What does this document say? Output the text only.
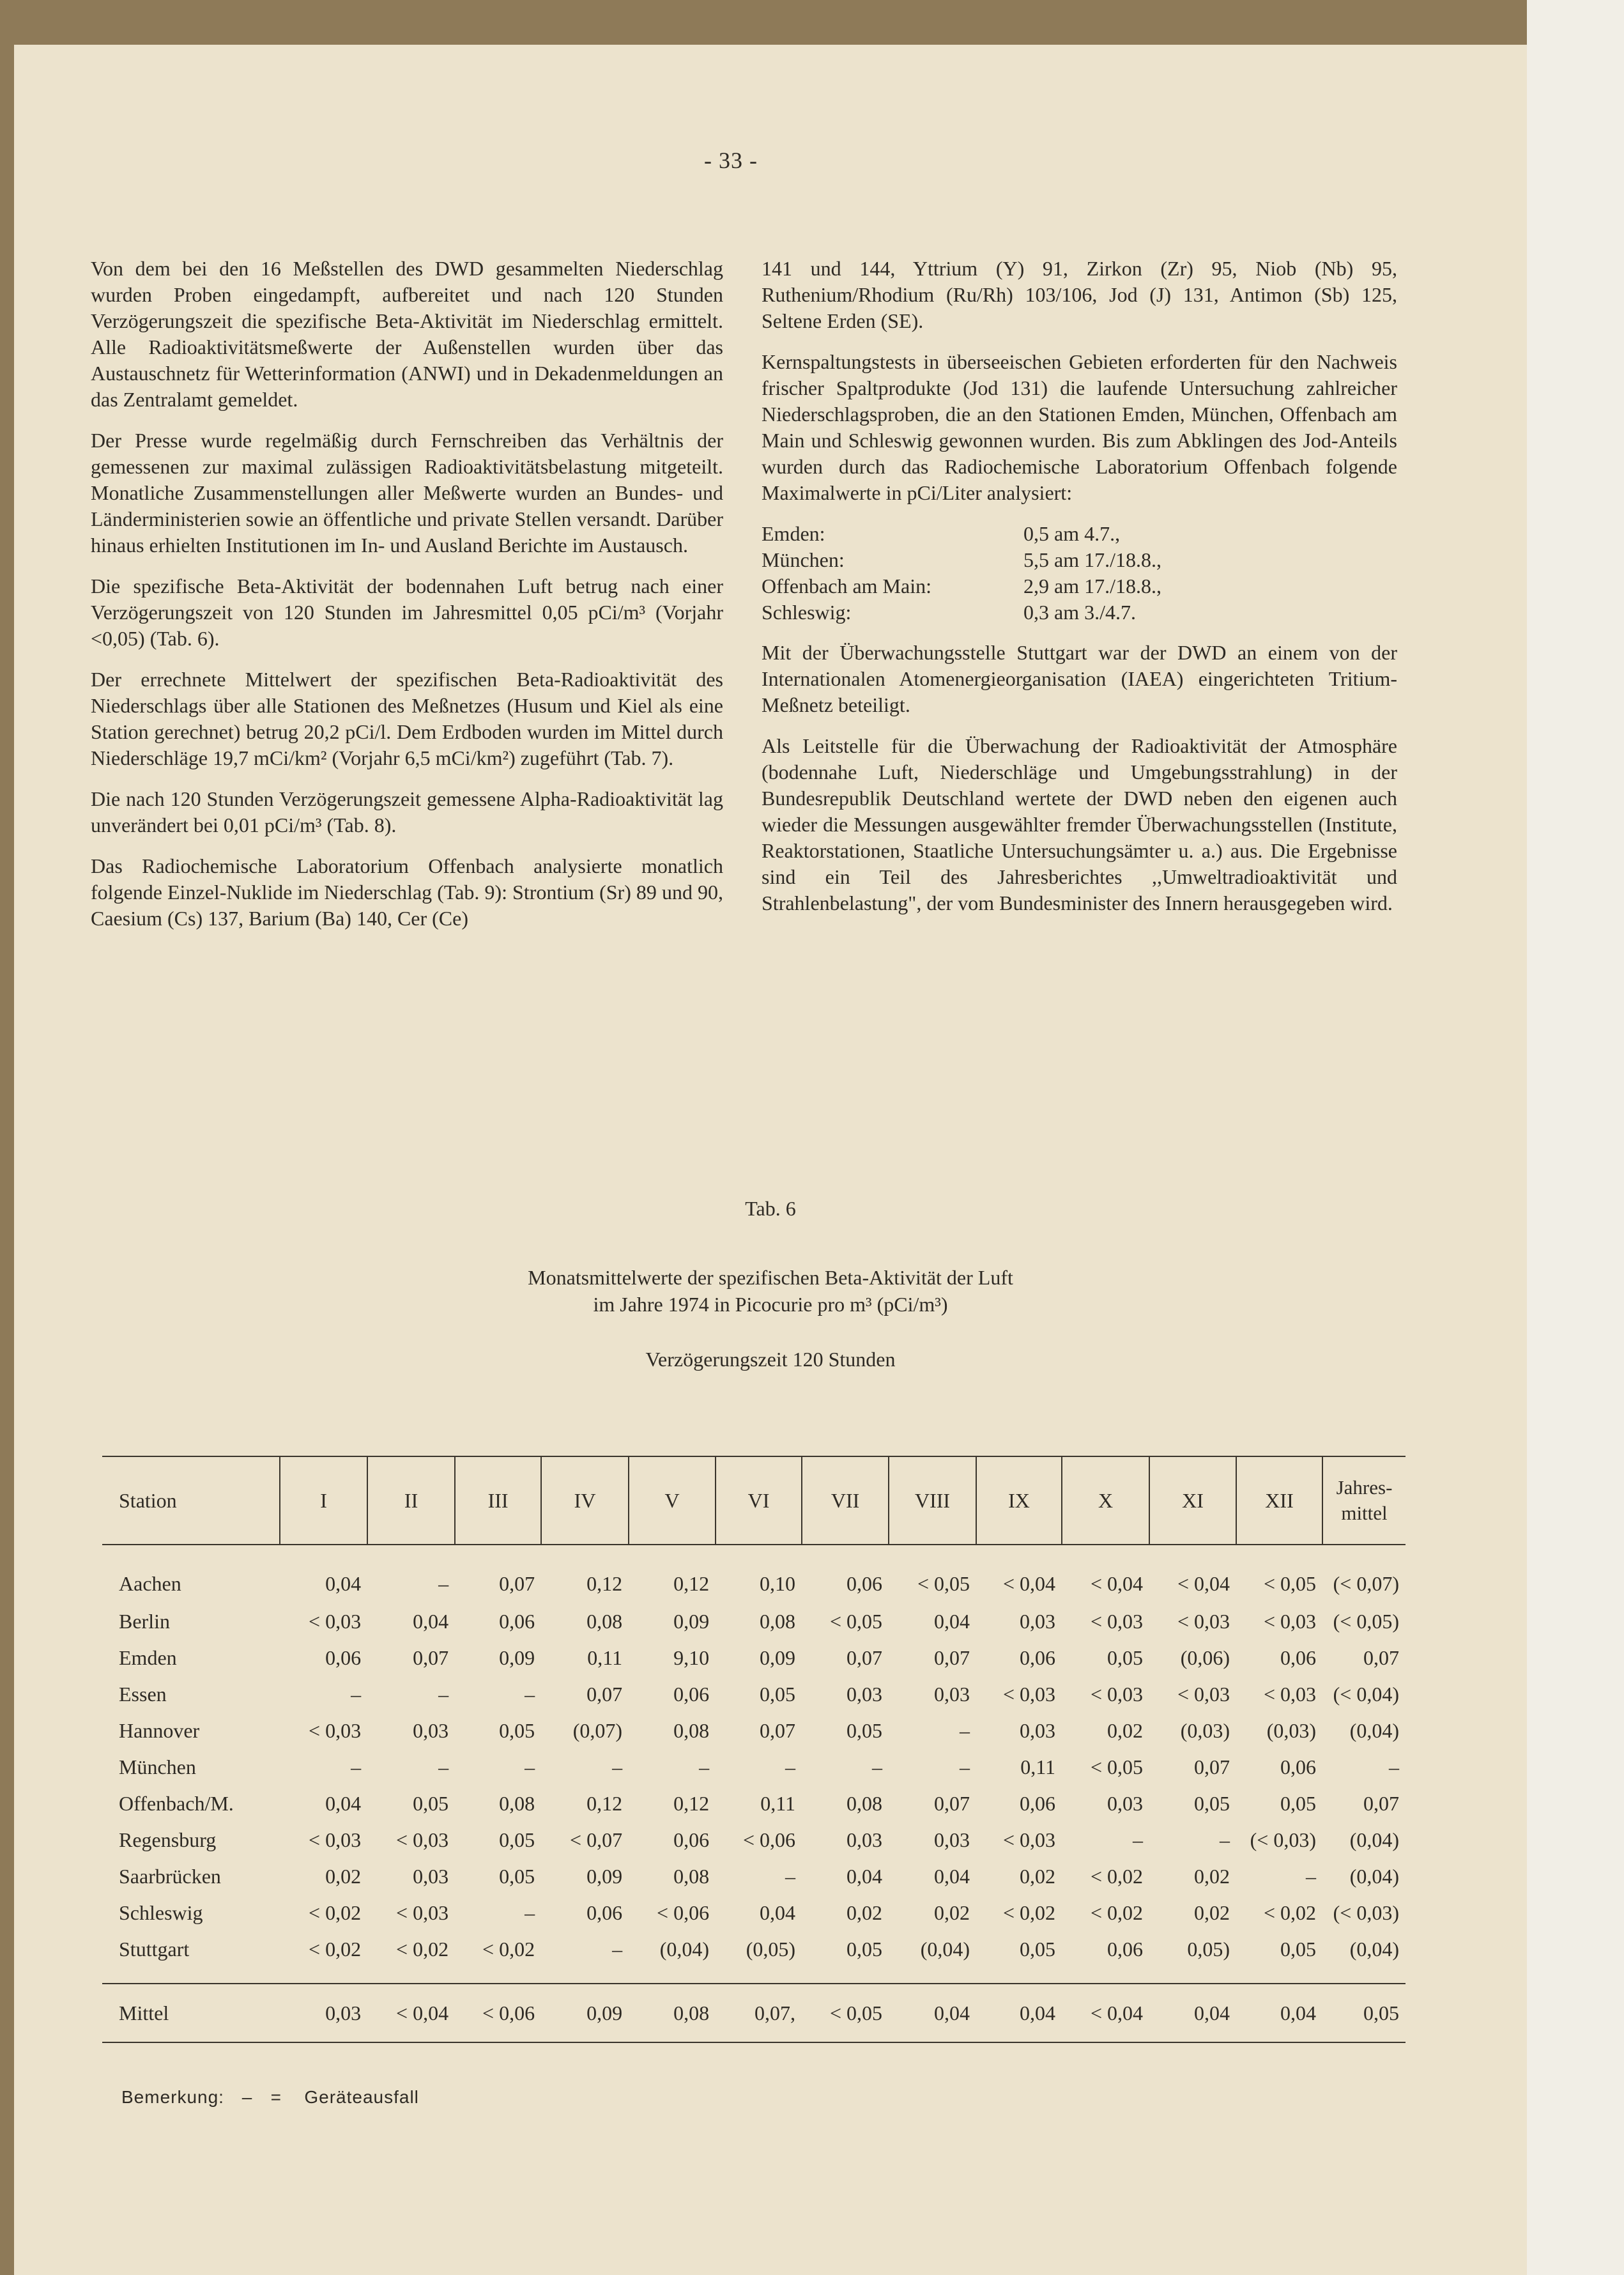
- 33 -

Von dem bei den 16 Meßstellen des DWD gesammelten Niederschlag wurden Proben eingedampft, aufbereitet und nach 120 Stunden Verzögerungszeit die spezifische Beta-Aktivität im Niederschlag ermittelt. Alle Radioaktivitätsmeßwerte der Außenstellen wurden über das Austauschnetz für Wetterinformation (ANWI) und in Dekadenmeldungen an das Zentralamt gemeldet.

Der Presse wurde regelmäßig durch Fernschreiben das Verhältnis der gemessenen zur maximal zulässigen Radioaktivitätsbelastung mitgeteilt. Monatliche Zusammenstellungen aller Meßwerte wurden an Bundes- und Länderministerien sowie an öffentliche und private Stellen versandt. Darüber hinaus erhielten Institutionen im In- und Ausland Berichte im Austausch.

Die spezifische Beta-Aktivität der bodennahen Luft betrug nach einer Verzögerungszeit von 120 Stunden im Jahresmittel 0,05 pCi/m³ (Vorjahr <0,05) (Tab. 6).

Der errechnete Mittelwert der spezifischen Beta-Radioaktivität des Niederschlags über alle Stationen des Meßnetzes (Husum und Kiel als eine Station gerechnet) betrug 20,2 pCi/l. Dem Erdboden wurden im Mittel durch Niederschläge 19,7 mCi/km² (Vorjahr 6,5 mCi/km²) zugeführt (Tab. 7).

Die nach 120 Stunden Verzögerungszeit gemessene Alpha-Radioaktivität lag unverändert bei 0,01 pCi/m³ (Tab. 8).

Das Radiochemische Laboratorium Offenbach analysierte monatlich folgende Einzel-Nuklide im Niederschlag (Tab. 9): Strontium (Sr) 89 und 90, Caesium (Cs) 137, Barium (Ba) 140, Cer (Ce)

141 und 144, Yttrium (Y) 91, Zirkon (Zr) 95, Niob (Nb) 95, Ruthenium/Rhodium (Ru/Rh) 103/106, Jod (J) 131, Antimon (Sb) 125, Seltene Erden (SE).

Kernspaltungstests in überseeischen Gebieten erforderten für den Nachweis frischer Spaltprodukte (Jod 131) die laufende Untersuchung zahlreicher Niederschlagsproben, die an den Stationen Emden, München, Offenbach am Main und Schleswig gewonnen wurden. Bis zum Abklingen des Jod-Anteils wurden durch das Radiochemische Laboratorium Offenbach folgende Maximalwerte in pCi/Liter analysiert:

Emden:	0,5 am 4.7.,
München:	5,5 am 17./18.8.,
Offenbach am Main:	2,9 am 17./18.8.,
Schleswig:	0,3 am 3./4.7.

Mit der Überwachungsstelle Stuttgart war der DWD an einem von der Internationalen Atomenergieorganisation (IAEA) eingerichteten Tritium-Meßnetz beteiligt.

Als Leitstelle für die Überwachung der Radioaktivität der Atmosphäre (bodennahe Luft, Niederschläge und Umgebungsstrahlung) in der Bundesrepublik Deutschland wertete der DWD neben den eigenen auch wieder die Messungen ausgewählter fremder Überwachungsstellen (Institute, Reaktorstationen, Staatliche Untersuchungsämter u. a.) aus. Die Ergebnisse sind ein Teil des Jahresberichtes ,,Umweltradioaktivität und Strahlenbelastung", der vom Bundesminister des Innern herausgegeben wird.

Tab. 6
Monatsmittelwerte der spezifischen Beta-Aktivität der Luft
im Jahre 1974 in Picocurie pro m³ (pCi/m³)
Verzögerungszeit 120 Stunden
Station	I	II	III	IV	V	VI	VII	VIII	IX	X	XI	XII	Jahres- mittel
Aachen	0,04	–	0,07	0,12	0,12	0,10	0,06	< 0,05	< 0,04	< 0,04	< 0,04	< 0,05	(< 0,07)
Berlin	< 0,03	0,04	0,06	0,08	0,09	0,08	< 0,05	0,04	0,03	< 0,03	< 0,03	< 0,03	(< 0,05)
Emden	0,06	0,07	0,09	0,11	9,10	0,09	0,07	0,07	0,06	0,05	(0,06)	0,06	0,07
Essen	–	–	–	0,07	0,06	0,05	0,03	0,03	< 0,03	< 0,03	< 0,03	< 0,03	(< 0,04)
Hannover	< 0,03	0,03	0,05	(0,07)	0,08	0,07	0,05	–	0,03	0,02	(0,03)	(0,03)	(0,04)
München	–	–	–	–	–	–	–	–	0,11	< 0,05	0,07	0,06	–
Offenbach/M.	0,04	0,05	0,08	0,12	0,12	0,11	0,08	0,07	0,06	0,03	0,05	0,05	0,07
Regensburg	< 0,03	< 0,03	0,05	< 0,07	0,06	< 0,06	0,03	0,03	< 0,03	–	–	(< 0,03)	(0,04)
Saarbrücken	0,02	0,03	0,05	0,09	0,08	–	0,04	0,04	0,02	< 0,02	0,02	–	(0,04)
Schleswig	< 0,02	< 0,03	–	0,06	< 0,06	0,04	0,02	0,02	< 0,02	< 0,02	0,02	< 0,02	(< 0,03)
Stuttgart	< 0,02	< 0,02	< 0,02	–	(0,04)	(0,05)	0,05	(0,04)	0,05	0,06	0,05)	0,05	(0,04)
Mittel	0,03	< 0,04	< 0,06	0,09	0,08	0,07,	< 0,05	0,04	0,04	< 0,04	0,04	0,04	0,05
Bemerkung: – = Geräteausfall
